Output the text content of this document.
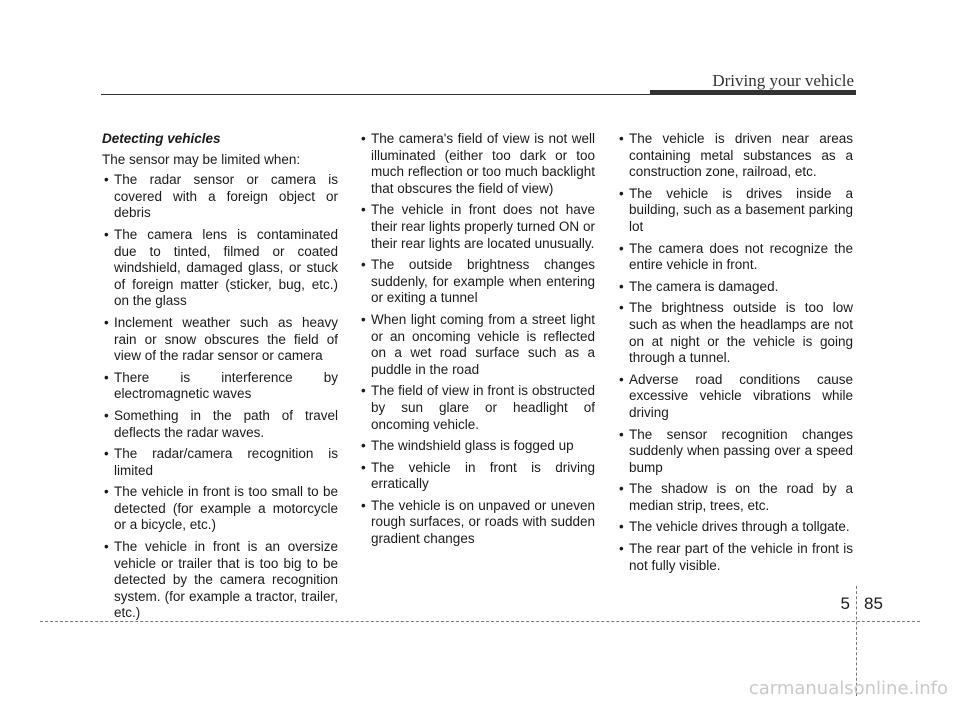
Driving your vehicle
Detecting vehicles
The sensor may be limited when:
• The radar sensor or camera is covered with a foreign object or debris
• The camera lens is contaminated due to tinted, filmed or coated windshield, damaged glass, or stuck of foreign matter (sticker, bug, etc.) on the glass
• Inclement weather such as heavy rain or snow obscures the field of view of the radar sensor or camera
• There is interference by electromagnetic waves
• Something in the path of travel deflects the radar waves.
• The radar/camera recognition is limited
• The vehicle in front is too small to be detected (for example a motorcycle or a bicycle, etc.)
• The vehicle in front is an oversize vehicle or trailer that is too big to be detected by the camera recognition system. (for example a tractor, trailer, etc.)
• The camera's field of view is not well illuminated (either too dark or too much reflection or too much backlight that obscures the field of view)
• The vehicle in front does not have their rear lights properly turned ON or their rear lights are located unusually.
• The outside brightness changes suddenly, for example when entering or exiting a tunnel
• When light coming from a street light or an oncoming vehicle is reflected on a wet road surface such as a puddle in the road
• The field of view in front is obstructed by sun glare or headlight of oncoming vehicle.
• The windshield glass is fogged up
• The vehicle in front is driving erratically
• The vehicle is on unpaved or uneven rough surfaces, or roads with sudden gradient changes
• The vehicle is driven near areas containing metal substances as a construction zone, railroad, etc.
• The vehicle is drives inside a building, such as a basement parking lot
• The camera does not recognize the entire vehicle in front.
• The camera is damaged.
• The brightness outside is too low such as when the headlamps are not on at night or the vehicle is going through a tunnel.
• Adverse road conditions cause excessive vehicle vibrations while driving
• The sensor recognition changes suddenly when passing over a speed bump
• The shadow is on the road by a median strip, trees, etc.
• The vehicle drives through a tollgate.
• The rear part of the vehicle in front is not fully visible.
5 85
carmanualsonline.info
